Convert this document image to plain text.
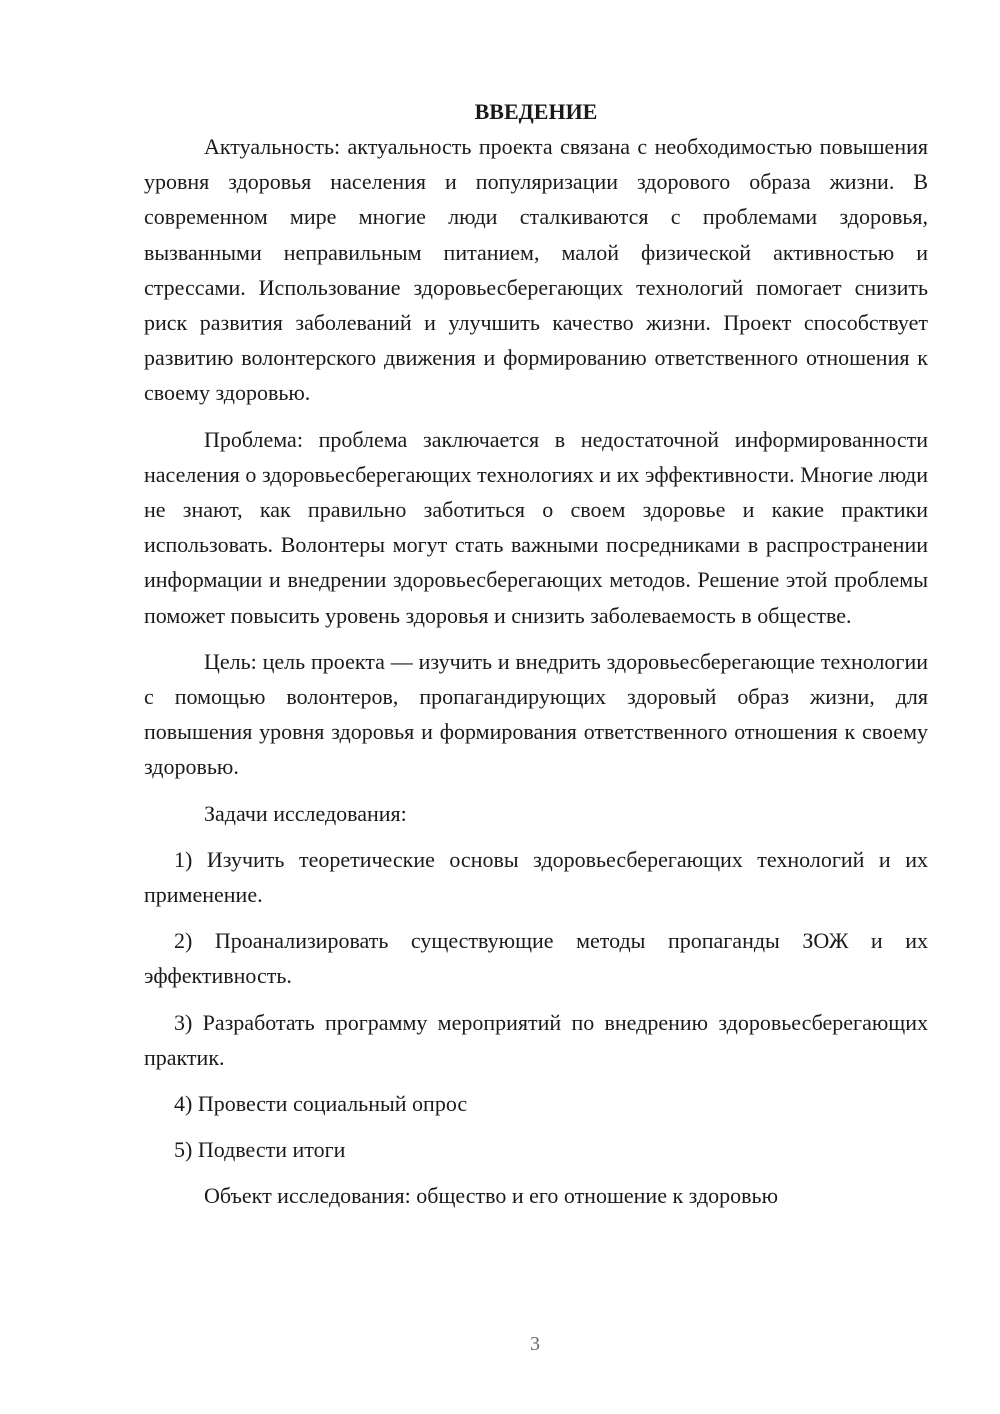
ВВЕДЕНИЕ

Актуальность: актуальность проекта связана с необходимостью повышения уровня здоровья населения и популяризации здорового образа жизни. В современном мире многие люди сталкиваются с проблемами здоровья, вызванными неправильным питанием, малой физической активностью и стрессами. Использование здоровьесберегающих технологий помогает снизить риск развития заболеваний и улучшить качество жизни. Проект способствует развитию волонтерского движения и формированию ответственного отношения к своему здоровью.

Проблема: проблема заключается в недостаточной информированности населения о здоровьесберегающих технологиях и их эффективности. Многие люди не знают, как правильно заботиться о своем здоровье и какие практики использовать. Волонтеры могут стать важными посредниками в распространении информации и внедрении здоровьесберегающих методов. Решение этой проблемы поможет повысить уровень здоровья и снизить заболеваемость в обществе.

Цель: цель проекта — изучить и внедрить здоровьесберегающие технологии с помощью волонтеров, пропагандирующих здоровый образ жизни, для повышения уровня здоровья и формирования ответственного отношения к своему здоровью.

Задачи исследования:

1) Изучить теоретические основы здоровьесберегающих технологий и их применение.

2) Проанализировать существующие методы пропаганды ЗОЖ и их эффективность.

3) Разработать программу мероприятий по внедрению здоровьесберегающих практик.

4) Провести социальный опрос

5) Подвести итоги

Объект исследования: общество и его отношение к здоровью

3
